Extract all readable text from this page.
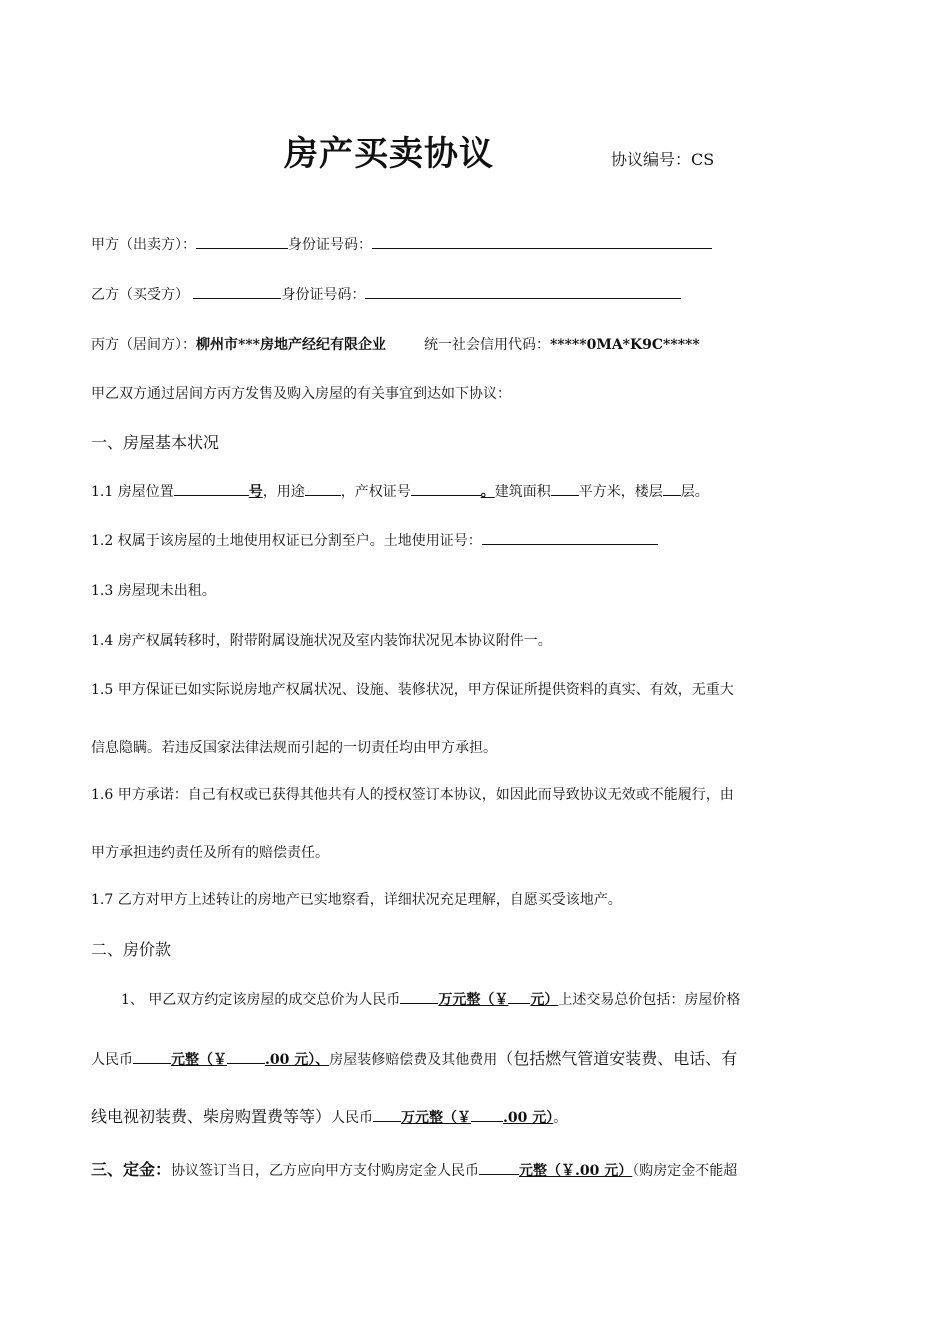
房产买卖协议	协议编号：CS
甲方（出卖方）：	身份证号码：
乙方（买受方）	身份证号码：
丙方（居间方）：柳州市***房地产经纪有限企业	统一社会信用代码：*****0MA*K9C*****
甲乙双方通过居间方丙方发售及购入房屋的有关事宜到达如下协议：
一、房屋基本状况
1.1 房屋位置	号，用途	，产权证号	。建筑面积 平方米，楼层 层。
1.2 权属于该房屋的土地使用权证已分割至户。土地使用证号：
1.3 房屋现未出租。
1.4 房产权属转移时，附带附属设施状况及室内装饰状况见本协议附件一。
1.5 甲方保证已如实际说房地产权属状况、设施、装修状况，甲方保证所提供资料的真实、有效，无重大
信息隐瞒。若违反国家法律法规而引起的一切责任均由甲方承担。
1.6 甲方承诺：自己有权或已获得其他共有人的授权签订本协议，如因此而导致协议无效或不能履行，由
甲方承担违约责任及所有的赔偿责任。
1.7 乙方对甲方上述转让的房地产已实地察看，详细状况充足理解，自愿买受该地产。
二、房价款
1、 甲乙双方约定该房屋的成交总价为人民币	万元整（￥ 元）上述交易总价包括：房屋价格
人民币	元整（￥	.00 元）、房屋装修赔偿费及其他费用（包括燃气管道安装费、电话、有
线电视初装费、柴房购置费等等）人民币 万元整（￥ .00 元）。
三、定金：协议签订当日，乙方应向甲方支付购房定金人民币	元整（￥.00 元）（购房定金不能超
